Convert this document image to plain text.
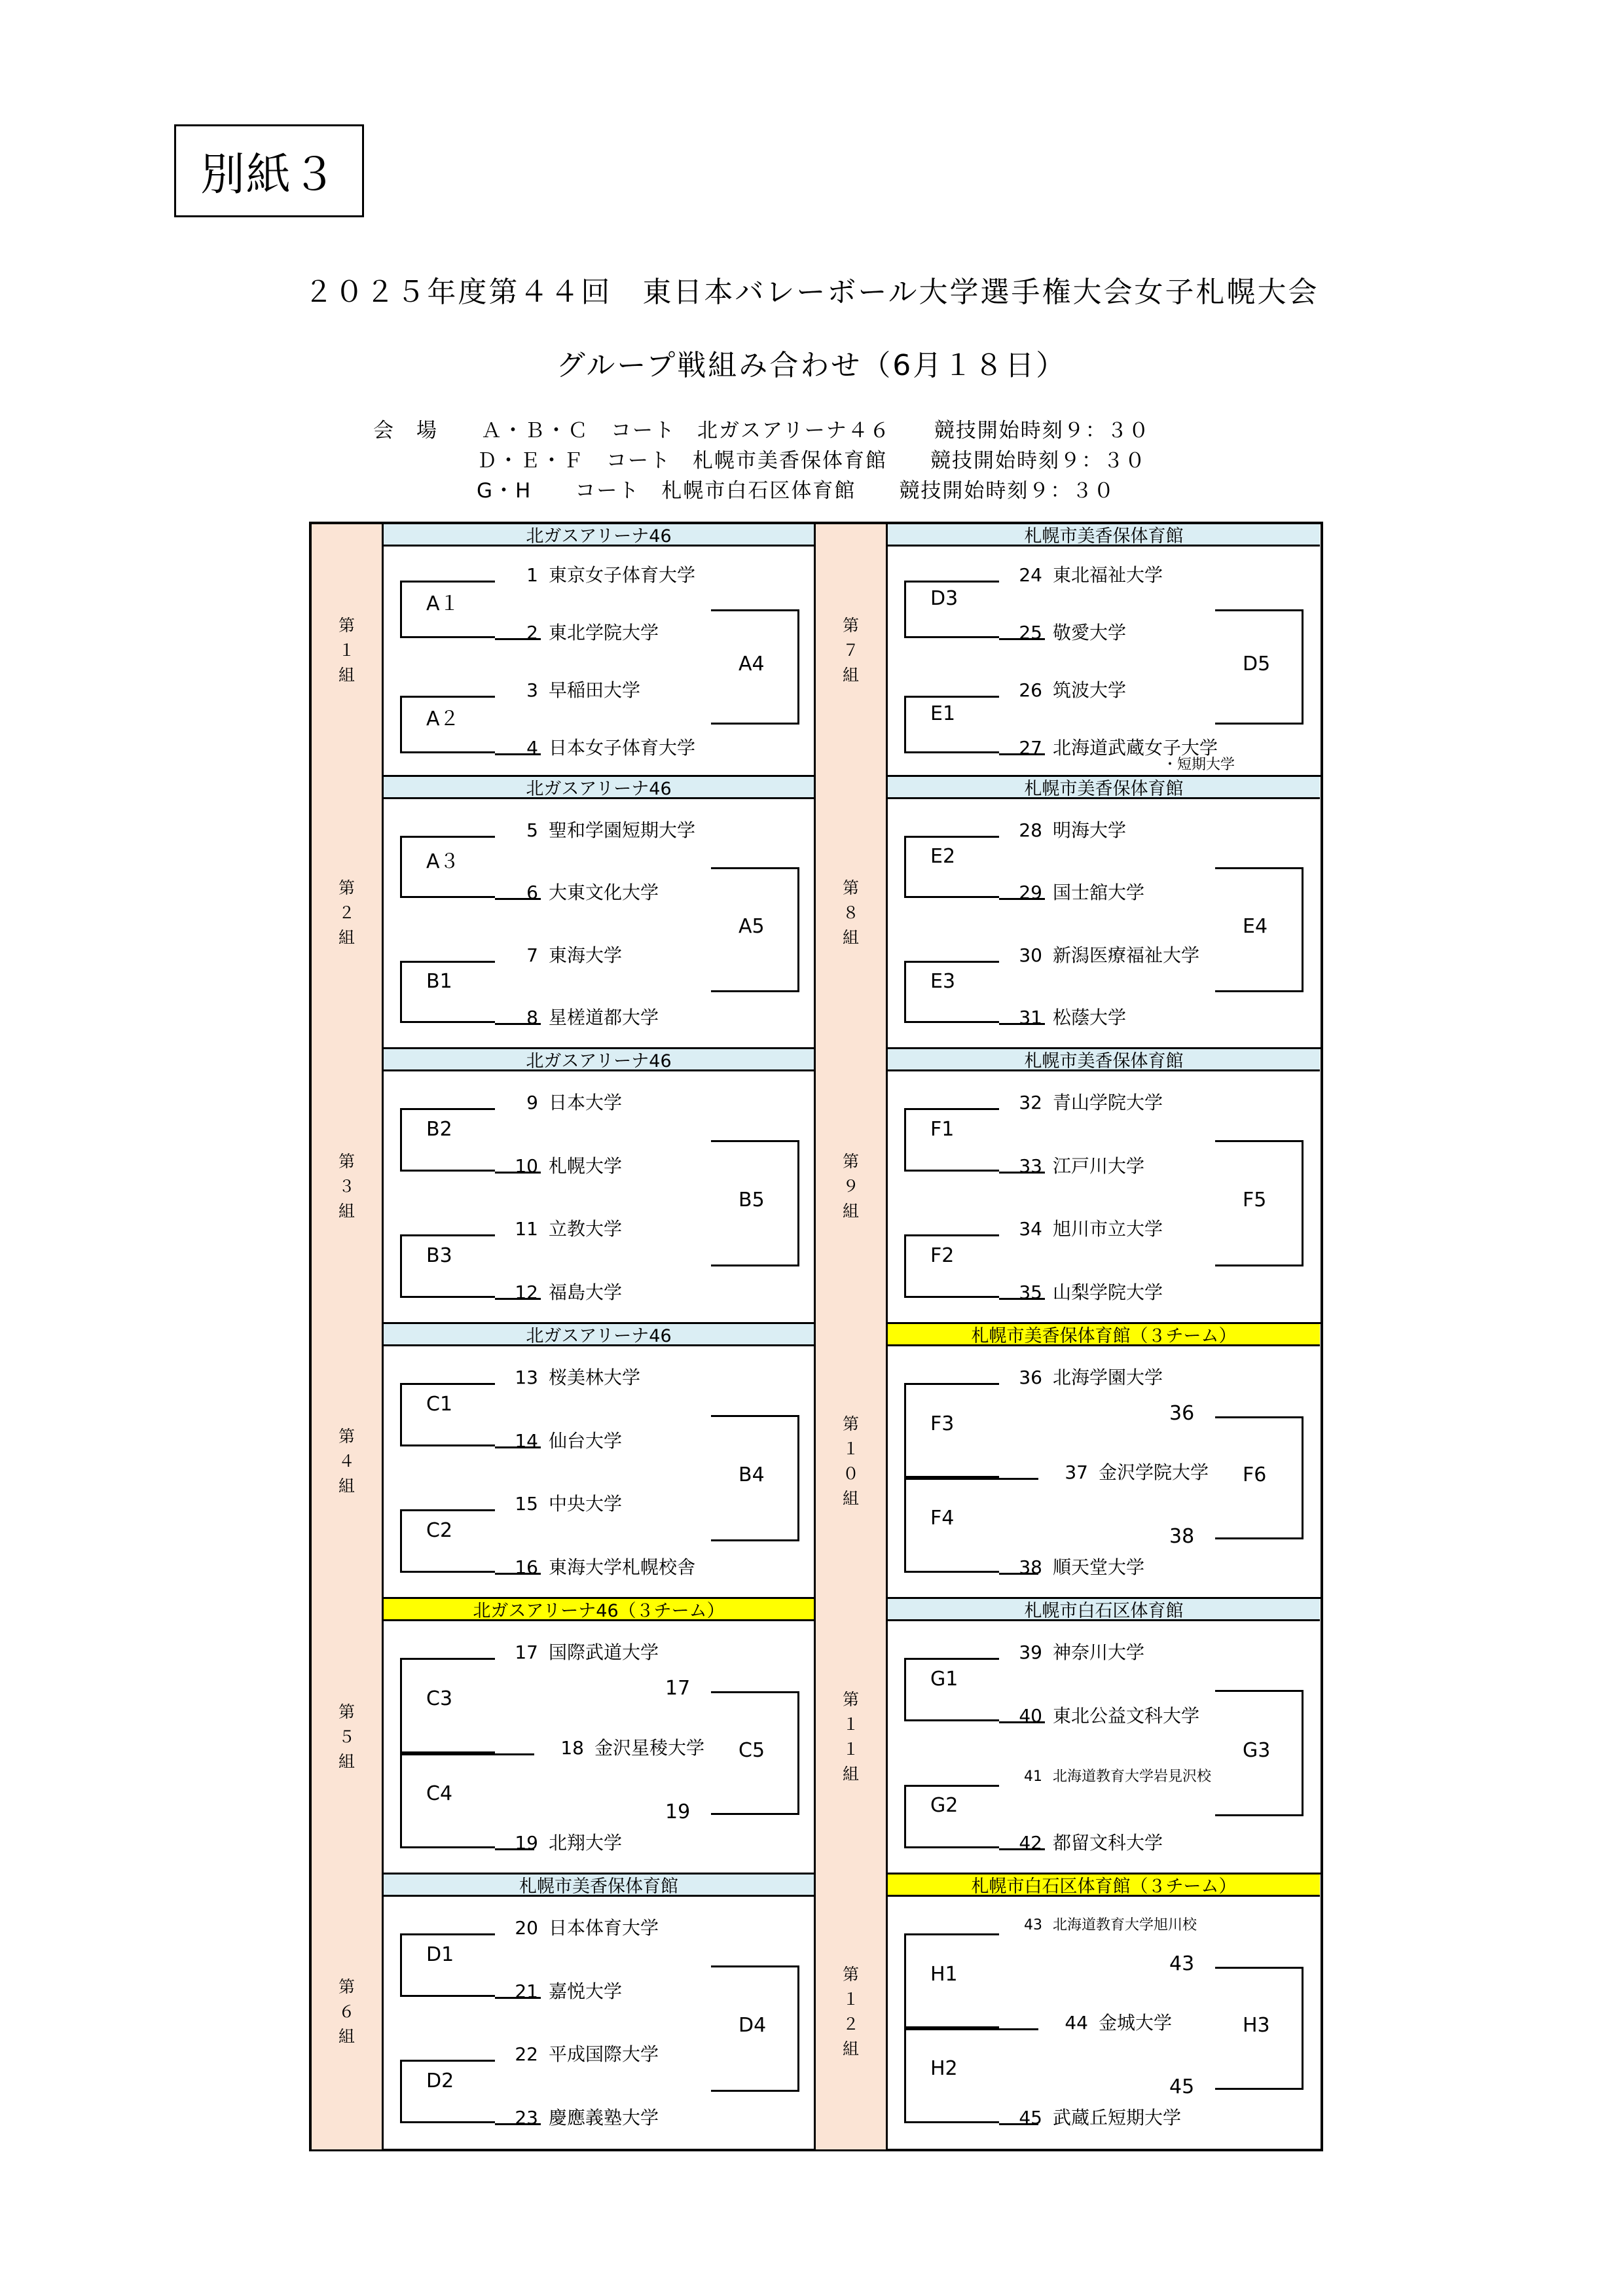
別紙３
２０２５年度第４４回　東日本バレーボール大学選手権大会女子札幌大会
グループ戦組み合わせ（6月１８日）
会　場　　Ａ・Ｂ・Ｃ　コート　北ガスアリーナ４６　　競技開始時刻９：３０
Ｄ・Ｅ・Ｆ　コート　札幌市美香保体育館　　競技開始時刻９：３０
G・H　　コート　札幌市白石区体育館　　競技開始時刻９：３０
第
１
組
北ガスアリーナ46
1 東京女子体育大学
2 東北学院大学
3 早稲田大学
4 日本女子体育大学
A１
A２
A4
第
７
組
札幌市美香保体育館
24 東北福祉大学
25 敬愛大学
26 筑波大学
27 北海道武蔵女子大学
・短期大学
D3
E1
D5
第
２
組
北ガスアリーナ46
5 聖和学園短期大学
6 大東文化大学
7 東海大学
8 星槎道都大学
A３
B1
A5
第
８
組
札幌市美香保体育館
28 明海大学
29 国士舘大学
30 新潟医療福祉大学
31 松蔭大学
E2
E3
E4
第
３
組
北ガスアリーナ46
9 日本大学
10 札幌大学
11 立教大学
12 福島大学
B2
B3
B5
第
９
組
札幌市美香保体育館
32 青山学院大学
33 江戸川大学
34 旭川市立大学
35 山梨学院大学
F1
F2
F5
第
４
組
北ガスアリーナ46
13 桜美林大学
14 仙台大学
15 中央大学
16 東海大学札幌校舎
C1
C2
B4
第
１
０
組
札幌市美香保体育館（３チーム）
36 北海学園大学
37 金沢学院大学
38 順天堂大学
F3
F4
F6
36
38
第
５
組
北ガスアリーナ46（３チーム）
17 国際武道大学
18 金沢星稜大学
19 北翔大学
C3
C4
C5
17
19
第
１
１
組
札幌市白石区体育館
39 神奈川大学
40 東北公益文科大学
41 北海道教育大学岩見沢校
42 都留文科大学
G1
G2
G3
第
６
組
札幌市美香保体育館
20 日本体育大学
21 嘉悦大学
22 平成国際大学
23 慶應義塾大学
D1
D2
D4
第
１
２
組
札幌市白石区体育館（３チーム）
43 北海道教育大学旭川校
44 金城大学
45 武蔵丘短期大学
H1
H2
H3
43
45
